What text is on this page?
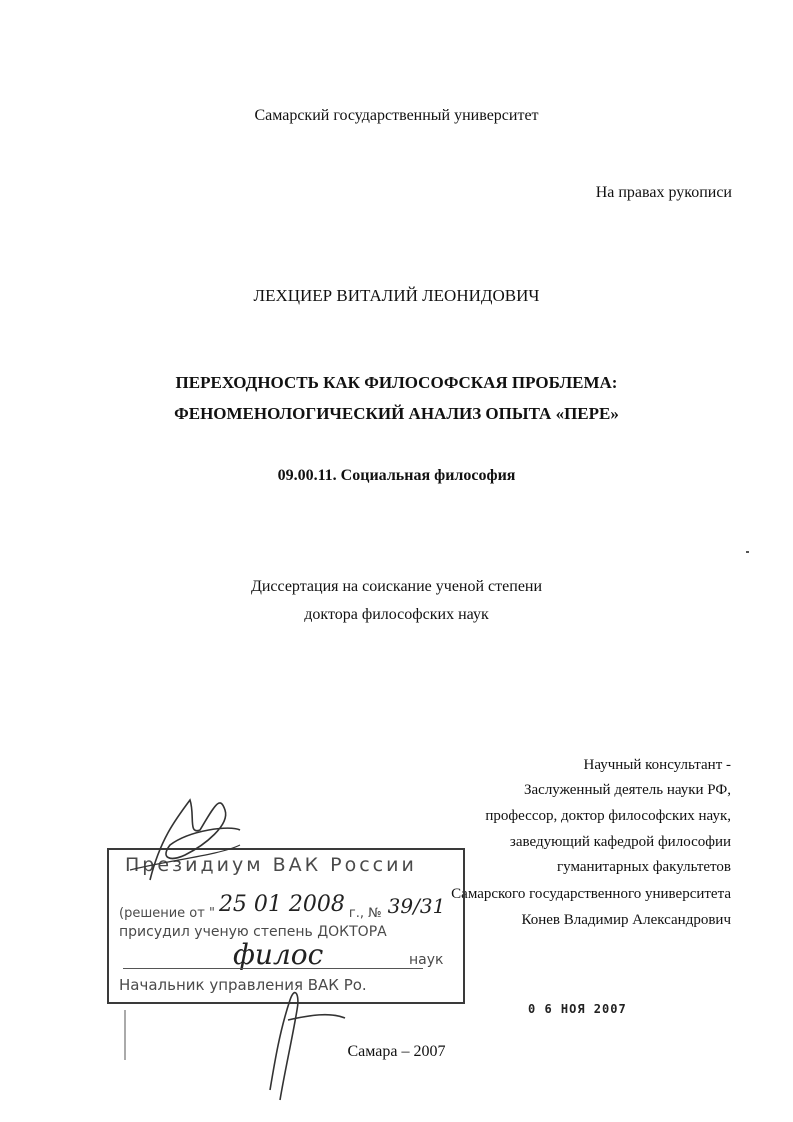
Самарский государственный университет
На правах рукописи
ЛЕХЦИЕР ВИТАЛИЙ ЛЕОНИДОВИЧ
ПЕРЕХОДНОСТЬ КАК ФИЛОСОФСКАЯ ПРОБЛЕМА:
ФЕНОМЕНОЛОГИЧЕСКИЙ АНАЛИЗ ОПЫТА «ПЕРЕ»
09.00.11. Социальная философия
Диссертация на соискание ученой степени
доктора философских наук
Научный консультант -
Заслуженный деятель науки РФ,
профессор, доктор философских наук,
заведующий кафедрой философии
гуманитарных факультетов
Самарского государственного университета
Конев Владимир Александрович
Президиум ВАК России
(решение от " 25 01 2008 г., № 39/31
присудил ученую степень ДОКТОРА
филос	наук
Начальник управления ВАК Ро.
0 6 НОЯ 2007
Самара – 2007
